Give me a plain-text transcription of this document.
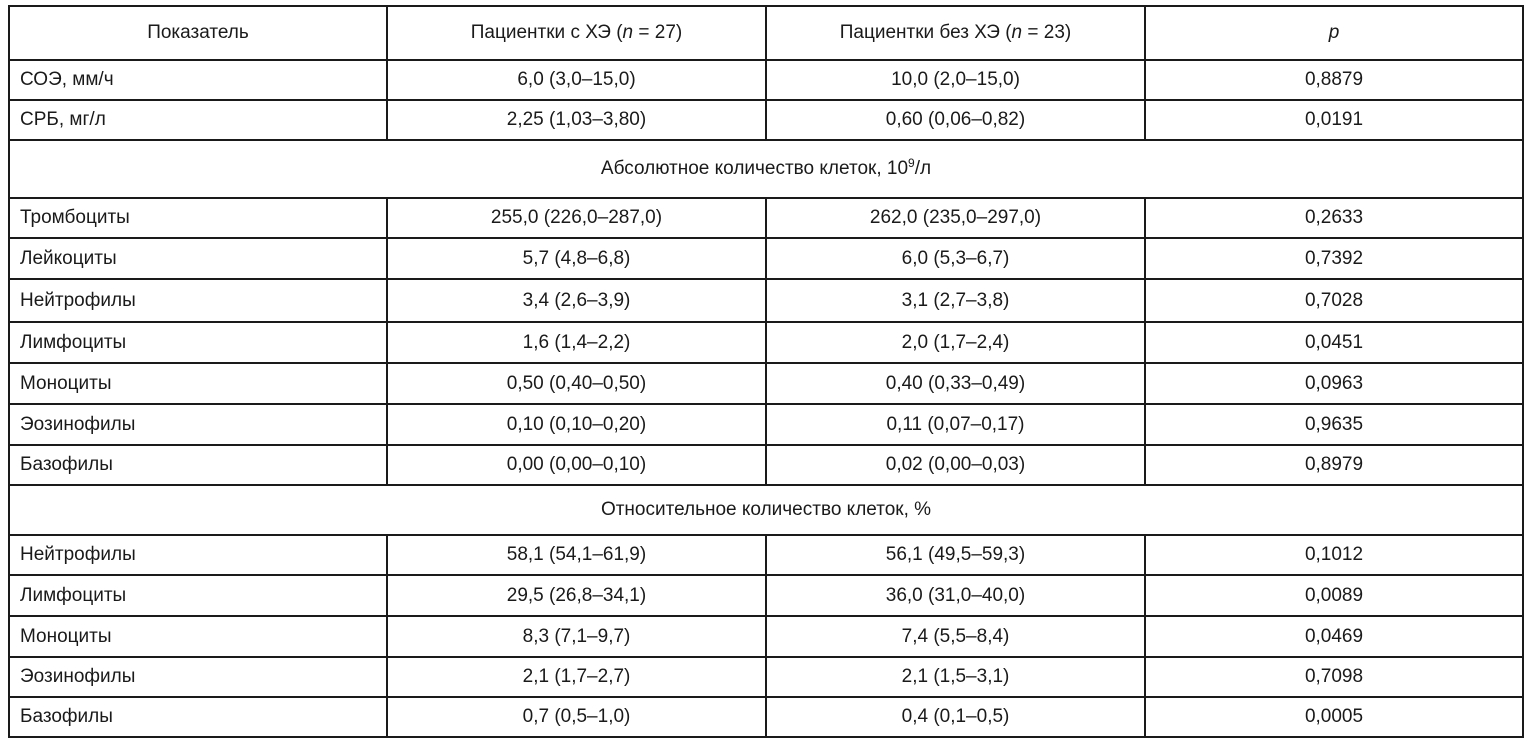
Показатель	Пациентки с ХЭ (n = 27)	Пациентки без ХЭ (n = 23)	p
СОЭ, мм/ч	6,0 (3,0–15,0)	10,0 (2,0–15,0)	0,8879
СРБ, мг/л	2,25 (1,03–3,80)	0,60 (0,06–0,82)	0,0191
Абсолютное количество клеток, $10^9/л$			
Тромбоциты	255,0 (226,0–287,0)	262,0 (235,0–297,0)	0,2633
Лейкоциты	5,7 (4,8–6,8)	6,0 (5,3–6,7)	0,7392
Нейтрофилы	3,4 (2,6–3,9)	3,1 (2,7–3,8)	0,7028
Лимфоциты	1,6 (1,4–2,2)	2,0 (1,7–2,4)	0,0451
Моноциты	0,50 (0,40–0,50)	0,40 (0,33–0,49)	0,0963
Эозинофилы	0,10 (0,10–0,20)	0,11 (0,07–0,17)	0,9635
Базофилы	0,00 (0,00–0,10)	0,02 (0,00–0,03)	0,8979
Относительное количество клеток, %			
Нейтрофилы	58,1 (54,1–61,9)	56,1 (49,5–59,3)	0,1012
Лимфоциты	29,5 (26,8–34,1)	36,0 (31,0–40,0)	0,0089
Моноциты	8,3 (7,1–9,7)	7,4 (5,5–8,4)	0,0469
Эозинофилы	2,1 (1,7–2,7)	2,1 (1,5–3,1)	0,7098
Базофилы	0,7 (0,5–1,0)	0,4 (0,1–0,5)	0,0005
